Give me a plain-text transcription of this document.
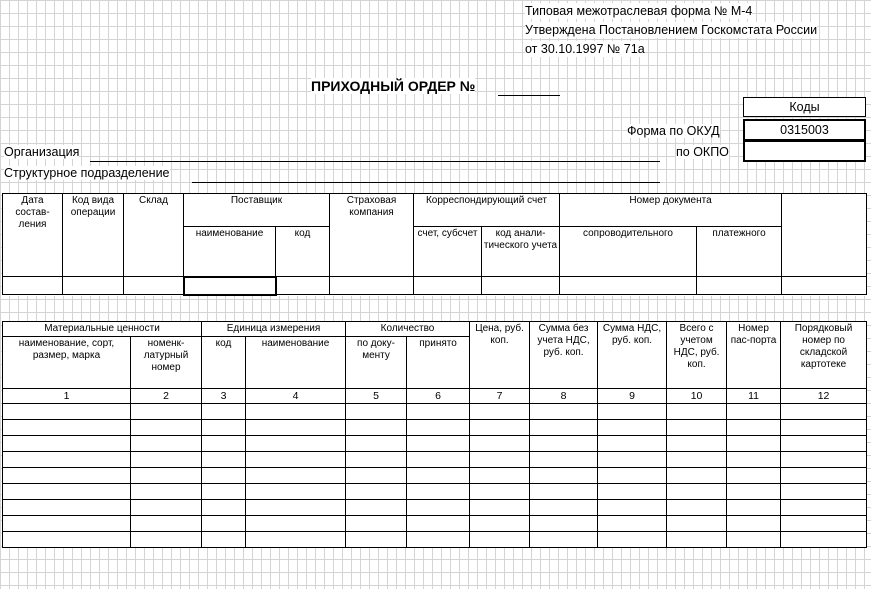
Типовая межотраслевая форма № М-4
Утверждена Постановлением Госкомстата России
от 30.10.1997 № 71а
ПРИХОДНЫЙ ОРДЕР №
Коды
Форма по ОКУД	0315003
по ОКПО
Организация
Структурное подразделение
Дата состав-ления	Код вида операции	Склад	Поставщик		Страховая компания	Корреспондирующий счет		Номер документа		
			наименование	код		счет, субсчет	код анали-тического учета	сопроводительного	платежного	

Материальные ценности		Единица измерения		Количество		Цена, руб. коп.	Сумма без учета НДС, руб. коп.	Сумма НДС, руб. коп.	Всего с учетом НДС, руб. коп.	Номер пас-порта	Порядковый номер по складской картотеке
наименование, сорт, размер, марка	номенк-латурный номер	код	наименование	по доку-менту	принято						
1	2	3	4	5	6	7	8	9	10	11	12
